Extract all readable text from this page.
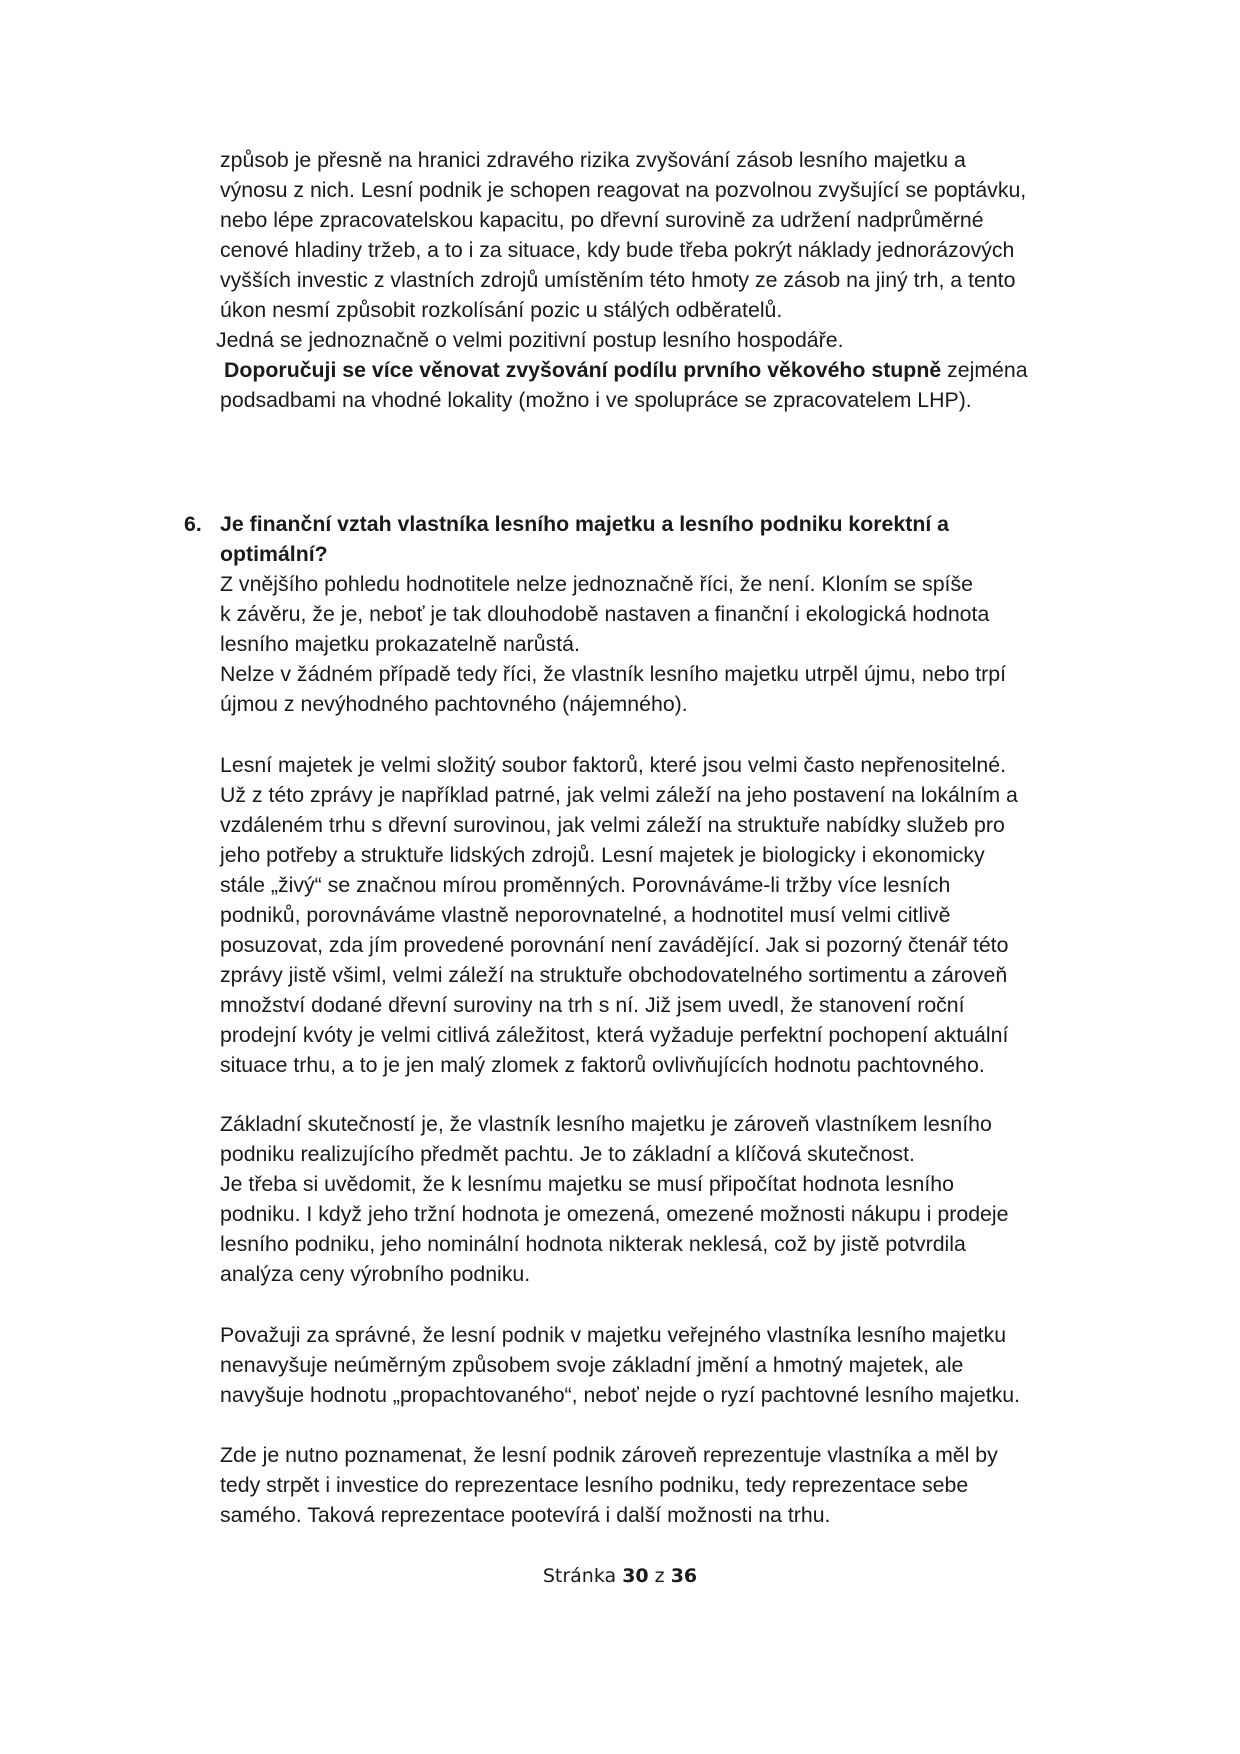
způsob je přesně na hranici zdravého rizika zvyšování zásob lesního majetku a
výnosu z nich. Lesní podnik je schopen reagovat na pozvolnou zvyšující se poptávku,
nebo lépe zpracovatelskou kapacitu, po dřevní surovině za udržení nadprůměrné
cenové hladiny tržeb, a to i za situace, kdy bude třeba pokrýt náklady jednorázových
vyšších investic z vlastních zdrojů umístěním této hmoty ze zásob na jiný trh, a tento
úkon nesmí způsobit rozkolísání pozic u stálých odběratelů.
Jedná se jednoznačně o velmi pozitivní postup lesního hospodáře.
Doporučuji se více věnovat zvyšování podílu prvního věkového stupně zejména
podsadbami na vhodné lokality (možno i ve spolupráce se zpracovatelem LHP).
6. Je finanční vztah vlastníka lesního majetku a lesního podniku korektní a
optimální?
Z vnějšího pohledu hodnotitele nelze jednoznačně říci, že není. Kloním se spíše
k závěru, že je, neboť je tak dlouhodobě nastaven a finanční i ekologická hodnota
lesního majetku prokazatelně narůstá.
Nelze v žádném případě tedy říci, že vlastník lesního majetku utrpěl újmu, nebo trpí
újmou z nevýhodného pachtovného (nájemného).
Lesní majetek je velmi složitý soubor faktorů, které jsou velmi často nepřenositelné.
Už z této zprávy je například patrné, jak velmi záleží na jeho postavení na lokálním a
vzdáleném trhu s dřevní surovinou, jak velmi záleží na struktuře nabídky služeb pro
jeho potřeby a struktuře lidských zdrojů. Lesní majetek je biologicky i ekonomicky
stále „živý“ se značnou mírou proměnných. Porovnáváme-li tržby více lesních
podniků, porovnáváme vlastně neporovnatelné, a hodnotitel musí velmi citlivě
posuzovat, zda jím provedené porovnání není zavádějící. Jak si pozorný čtenář této
zprávy jistě všiml, velmi záleží na struktuře obchodovatelného sortimentu a zároveň
množství dodané dřevní suroviny na trh s ní. Již jsem uvedl, že stanovení roční
prodejní kvóty je velmi citlivá záležitost, která vyžaduje perfektní pochopení aktuální
situace trhu, a to je jen malý zlomek z faktorů ovlivňujících hodnotu pachtovného.
Základní skutečností je, že vlastník lesního majetku je zároveň vlastníkem lesního
podniku realizujícího předmět pachtu. Je to základní a klíčová skutečnost.
Je třeba si uvědomit, že k lesnímu majetku se musí připočítat hodnota lesního
podniku. I když jeho tržní hodnota je omezená, omezené možnosti nákupu i prodeje
lesního podniku, jeho nominální hodnota nikterak neklesá, což by jistě potvrdila
analýza ceny výrobního podniku.
Považuji za správné, že lesní podnik v majetku veřejného vlastníka lesního majetku
nenavyšuje neúměrným způsobem svoje základní jmění a hmotný majetek, ale
navyšuje hodnotu „propachtovaného“, neboť nejde o ryzí pachtovné lesního majetku.
Zde je nutno poznamenat, že lesní podnik zároveň reprezentuje vlastníka a měl by
tedy strpět i investice do reprezentace lesního podniku, tedy reprezentace sebe
samého. Taková reprezentace pootevírá i další možnosti na trhu.
Stránka 30 z 36
